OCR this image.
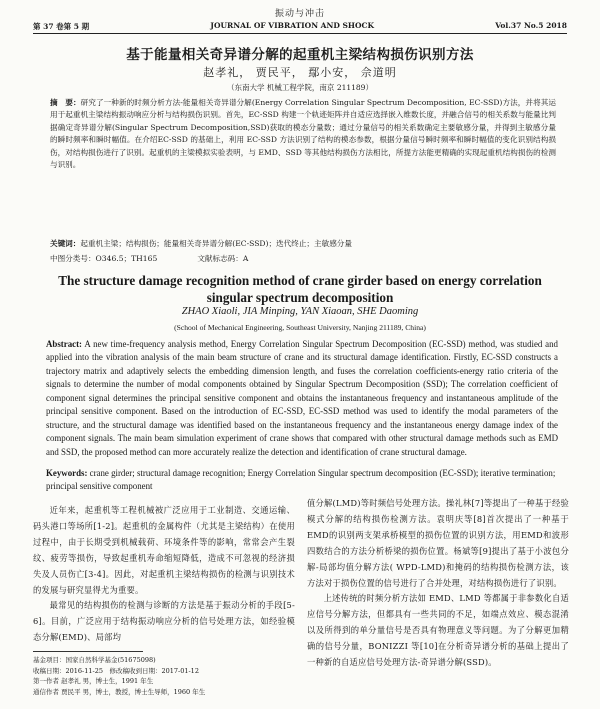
振动与冲击
第 37 卷第 5 期	JOURNAL OF VIBRATION AND SHOCK	Vol.37 No.5 2018
基于能量相关奇异谱分解的起重机主梁结构损伤识别方法
赵孝礼， 贾民平， 鄢小安， 佘道明
（东南大学 机械工程学院，南京 211189）
摘　要：研究了一种新的时频分析方法-能量相关奇异谱分解(Energy Correlation Singular Spectrum Decomposition, EC-SSD)方法，并将其运用于起重机主梁结构振动响应分析与结构损伤识别。首先，EC-SSD 构建一个轨迹矩阵并自适应选择嵌入维数长度，并融合信号的相关系数与能量比判据确定奇异谱分解(Singular Spectrum Decomposition,SSD)获取的模态分量数；通过分量信号的相关系数确定主要敏感分量，并得到主敏感分量的瞬时频率和瞬时幅值。在介绍EC-SSD 的基础上，利用 EC-SSD 方法识别了结构的模态参数，根据分量信号瞬时频率和瞬时幅值的变化识别结构损伤，对结构损伤进行了识别。起重机的主梁模拟实验表明，与 EMD、SSD 等其他结构损伤方法相比，所提方法能更精确的实现起重机结构损伤的检测与识别。
关键词：起重机主梁；结构损伤；能量相关奇异谱分解(EC-SSD)；迭代终止；主敏感分量
中图分类号：O346.5；TH165	文献标志码：A
The structure damage recognition method of crane girder based on energy correlation singular spectrum decomposition
ZHAO Xiaoli, JIA Minping, YAN Xiaoan, SHE Daoming
(School of Mechanical Engineering, Southeast University, Nanjing 211189, China)
Abstract: A new time-frequency analysis method, Energy Correlation Singular Spectrum Decomposition (EC-SSD) method, was studied and applied into the vibration analysis of the main beam structure of crane and its structural damage identification. Firstly, EC-SSD constructs a trajectory matrix and adaptively selects the embedding dimension length, and fuses the correlation coefficients-energy ratio criteria of the signals to determine the number of modal components obtained by Singular Spectrum Decomposition (SSD); The correlation coefficient of component signal determines the principal sensitive component and obtains the instantaneous frequency and instantaneous amplitude of the principal sensitive component. Based on the introduction of EC-SSD, EC-SSD method was used to identify the modal parameters of the structure, and the structural damage was identified based on the instantaneous frequency and the instantaneous energy damage index of the component signals. The main beam simulation experiment of crane shows that compared with other structural damage methods such as EMD and SSD, the proposed method can more accurately realize the detection and identification of crane structural damage.
Keywords: crane girder; structural damage recognition; Energy Correlation Singular spectrum decomposition (EC-SSD); iterative termination; principal sensitive component
近年来，起重机等工程机械被广泛应用于工业制造、交通运输、码头港口等场所[1-2]。起重机的金属构件（尤其是主梁结构）在使用过程中，由于长期受到机械载荷、环境条件等的影响，常常会产生裂纹、疲劳等损伤，导致起重机寿命缩短降低，造成不可忽视的经济损失及人员伤亡[3-4]。因此，对起重机主梁结构损伤的检测与识别技术的发展与研究显得尤为重要。
最常见的结构损伤的检测与诊断的方法是基于振动分析的手段[5-6]。目前，广泛应用于结构振动响应分析的信号处理方法，如经验模态分解(EMD)、局部均
值分解(LMD)等时频信号处理方法。操礼林[7]等提出了一种基于经验模式分解的结构损伤检测方法。袁明庆等[8]首次提出了一种基于EMD的识别两支架承桥模型的损伤位置的识别方法，用EMD和波形四数结合的方法分析桥梁的损伤位置。杨斌等[9]提出了基于小波包分解-局部均值分解方法( WPD-LMD)和掩码的结构损伤检测方法，该方法对于损伤位置的信号进行了合并处理，对结构损伤进行了识别。
上述传统的时频分析方法如 EMD、LMD 等都属于非参数化自适应信号分解方法，但都具有一些共同的不足，如端点效应、模态混淆以及所得到的单分量信号是否具有物理意义等问题。为了分解更加精确的信号分量，BONIZZI 等[10]在分析奇异谱分析的基础上提出了一种新的自适应信号处理方法-奇异谱分解(SSD)。
基金项目：国家自然科学基金(51675098)
收稿日期：2016-11-25　修改稿收到日期：2017-01-12
第一作者 赵孝礼 男，博士生，1991 年生
通信作者 贾民平 男，博士，教授，博士生导师，1960 年生
